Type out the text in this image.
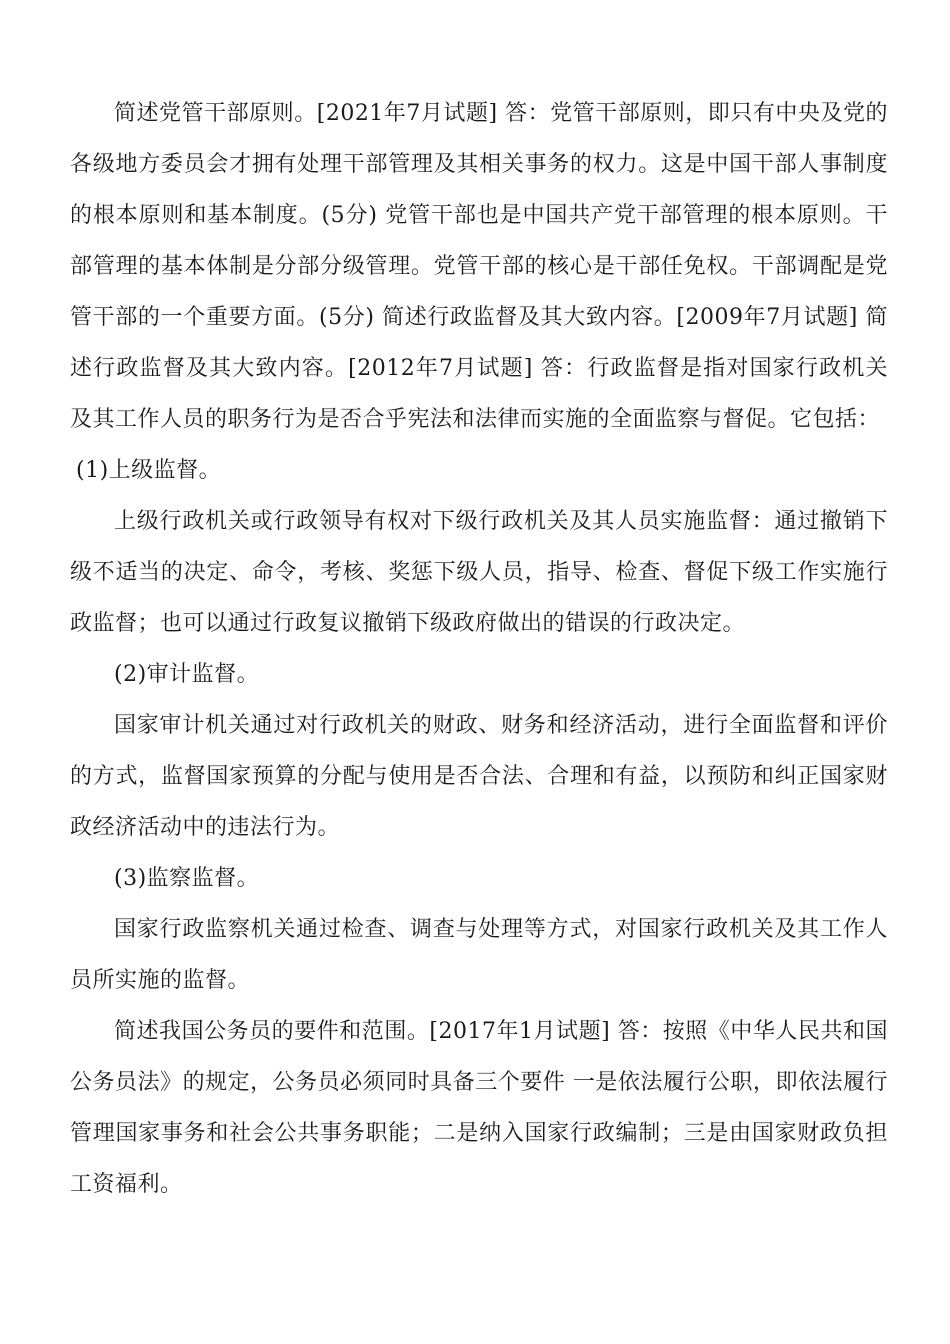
简述党管干部原则。[2021年7月试题] 答：党管干部原则，即只有中央及党的各级地方委员会才拥有处理干部管理及其相关事务的权力。这是中国干部人事制度的根本原则和基本制度。(5分) 党管干部也是中国共产党干部管理的根本原则。干部管理的基本体制是分部分级管理。党管干部的核心是干部任免权。干部调配是党管干部的一个重要方面。(5分) 简述行政监督及其大致内容。[2009年7月试题] 简述行政监督及其大致内容。[2012年7月试题] 答：行政监督是指对国家行政机关及其工作人员的职务行为是否合乎宪法和法律而实施的全面监察与督促。它包括：

(1)上级监督。

上级行政机关或行政领导有权对下级行政机关及其人员实施监督：通过撤销下级不适当的决定、命令，考核、奖惩下级人员，指导、检查、督促下级工作实施行政监督；也可以通过行政复议撤销下级政府做出的错误的行政决定。

(2)审计监督。

国家审计机关通过对行政机关的财政、财务和经济活动，进行全面监督和评价的方式，监督国家预算的分配与使用是否合法、合理和有益，以预防和纠正国家财政经济活动中的违法行为。

(3)监察监督。

国家行政监察机关通过检查、调查与处理等方式，对国家行政机关及其工作人员所实施的监督。

简述我国公务员的要件和范围。[2017年1月试题] 答：按照《中华人民共和国公务员法》的规定，公务员必须同时具备三个要件 一是依法履行公职，即依法履行管理国家事务和社会公共事务职能；二是纳入国家行政编制；三是由国家财政负担工资福利。
